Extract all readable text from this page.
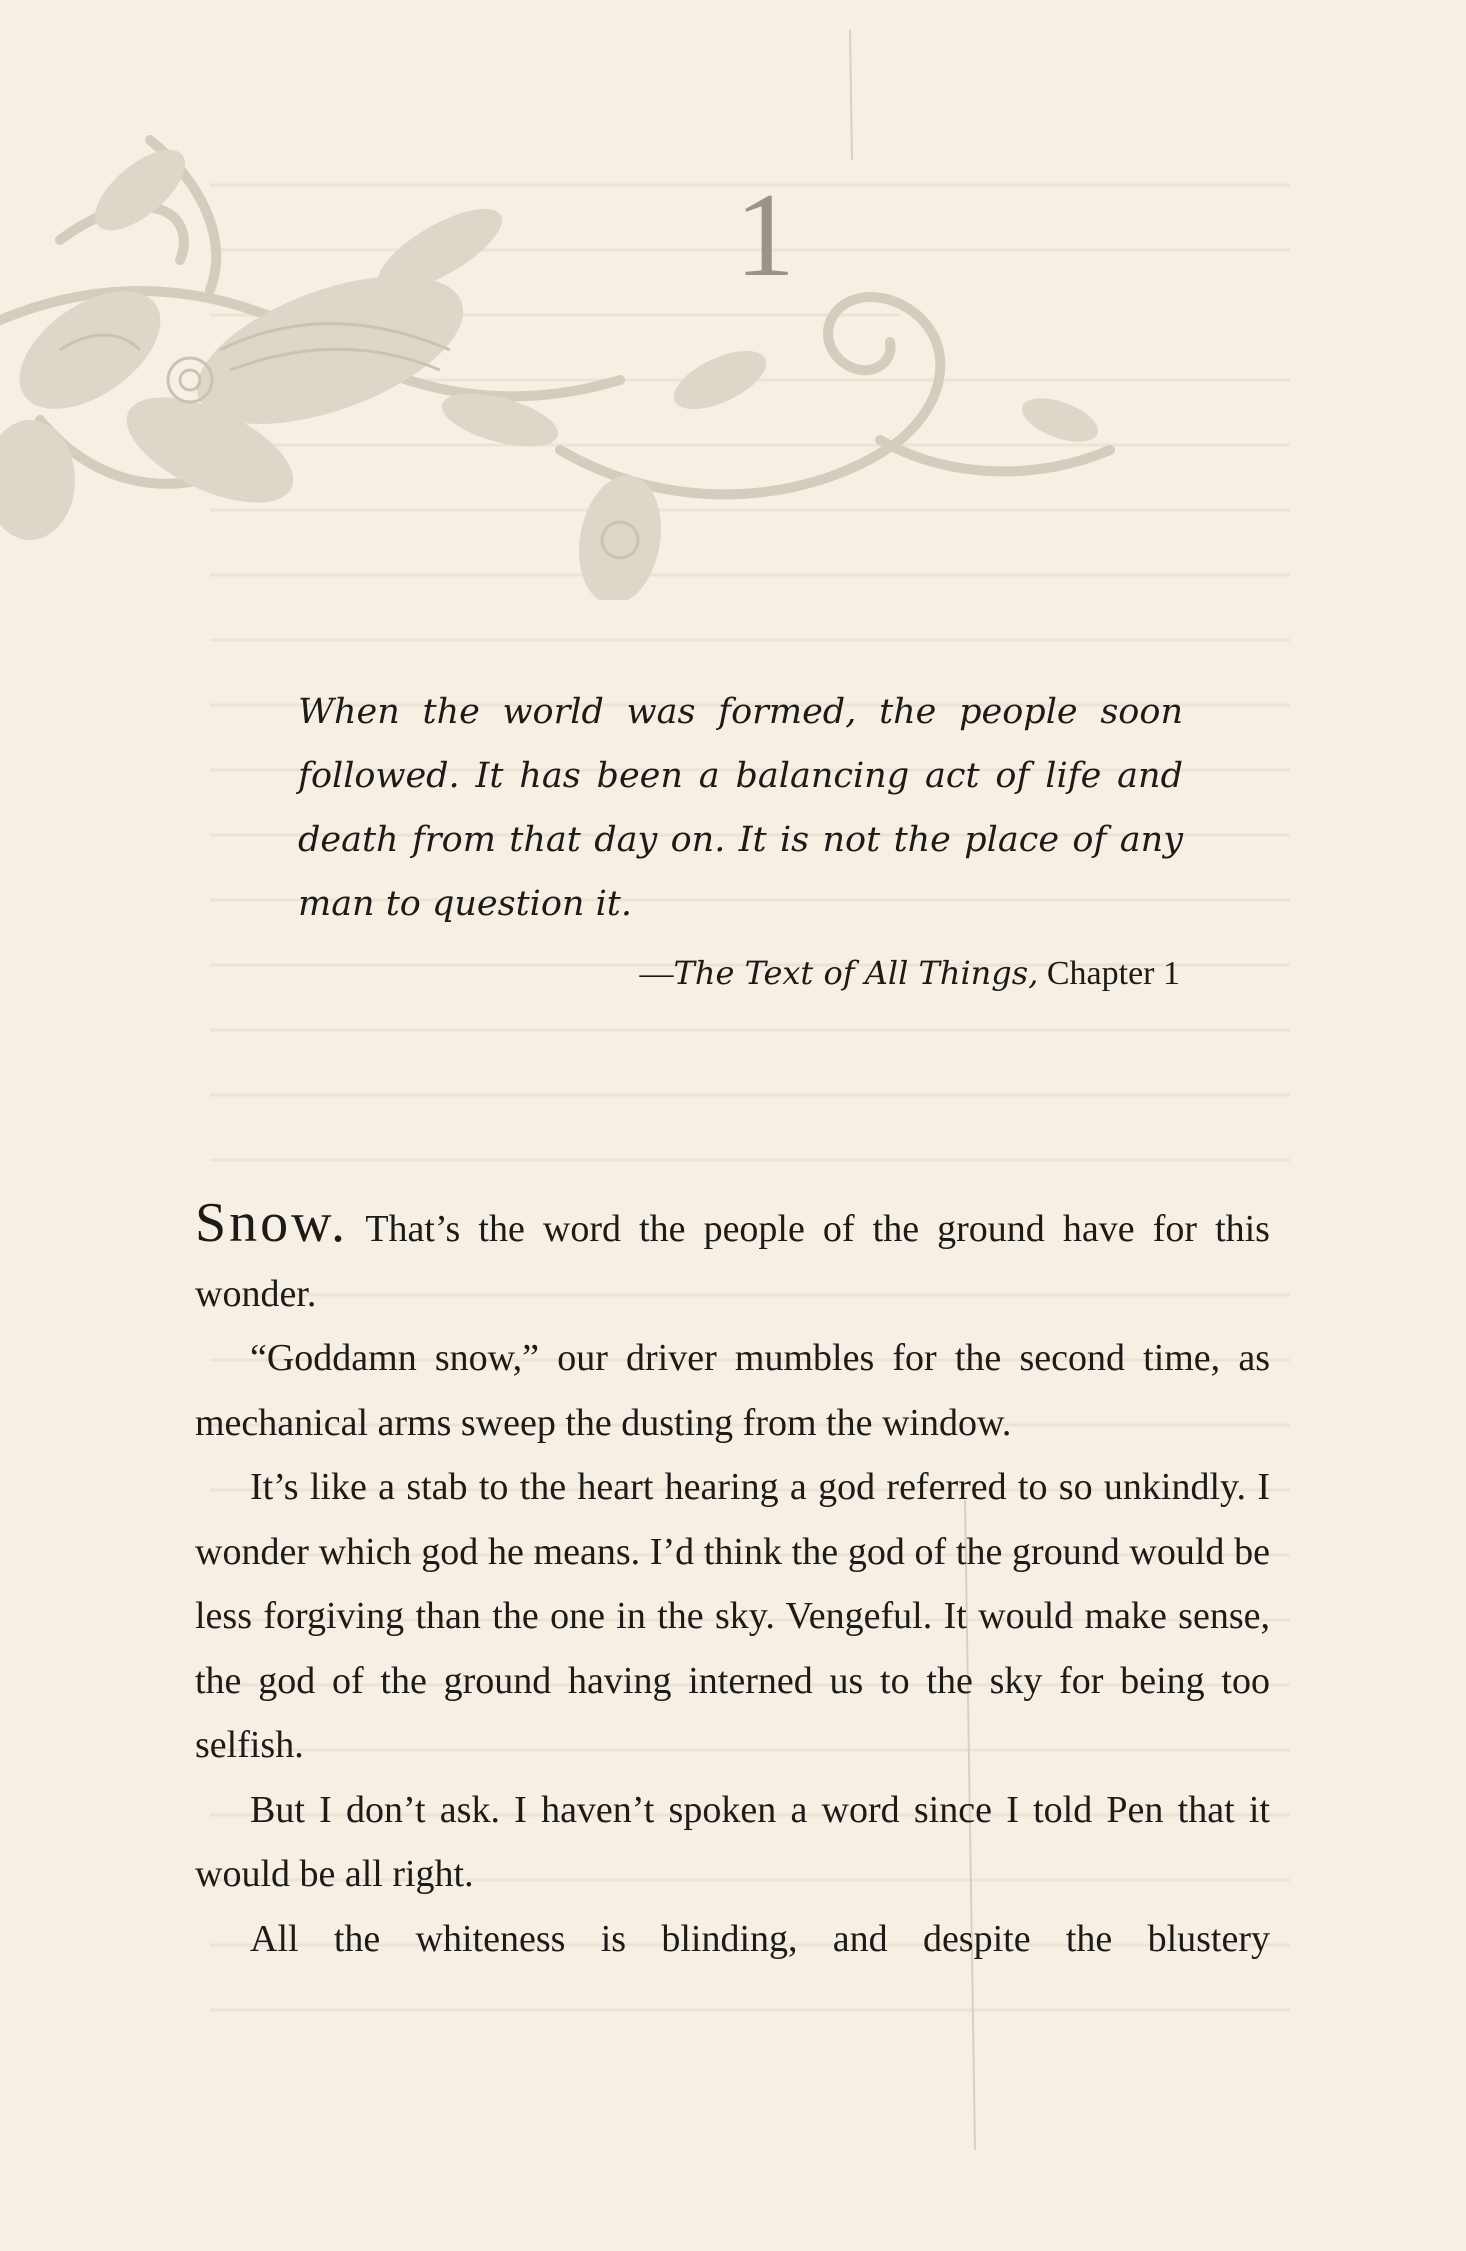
1

When the world was formed, the people soon followed. It has been a balancing act of life and death from that day on. It is not the place of any man to question it.

—The Text of All Things, Chapter 1

Snow. That’s the word the people of the ground have for this wonder.

“Goddamn snow,” our driver mumbles for the second time, as mechanical arms sweep the dusting from the window.

It’s like a stab to the heart hearing a god referred to so unkindly. I wonder which god he means. I’d think the god of the ground would be less forgiving than the one in the sky. Vengeful. It would make sense, the god of the ground having interned us to the sky for being too selfish.

But I don’t ask. I haven’t spoken a word since I told Pen that it would be all right.

All the whiteness is blinding, and despite the blustery
